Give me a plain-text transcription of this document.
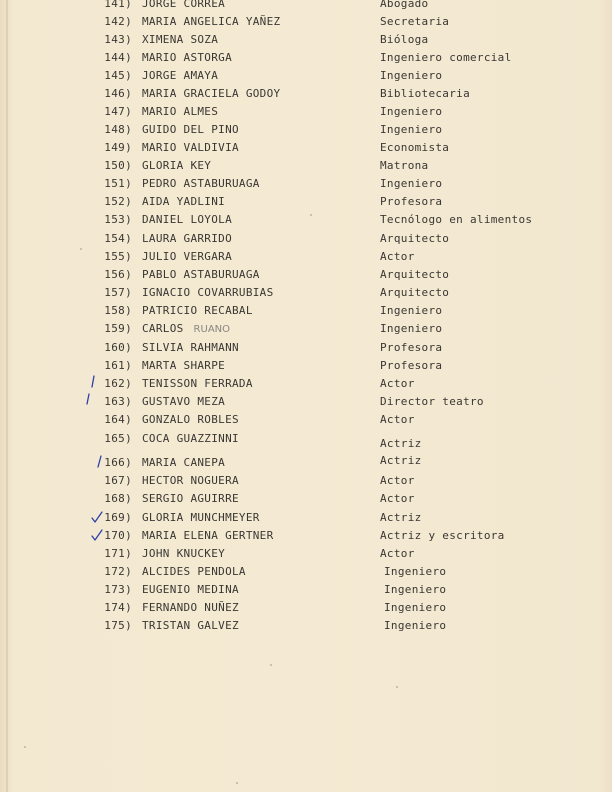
141) JORGE CORREA	Abogado
142) MARIA ANGELICA YAÑEZ	Secretaria
143) XIMENA SOZA	Bióloga
144) MARIO ASTORGA	Ingeniero comercial
145) JORGE AMAYA	Ingeniero
146) MARIA GRACIELA GODOY	Bibliotecaria
147) MARIO ALMES	Ingeniero
148) GUIDO DEL PINO	Ingeniero
149) MARIO VALDIVIA	Economista
150) GLORIA KEY	Matrona
151) PEDRO ASTABURUAGA	Ingeniero
152) AIDA YADLINI	Profesora
153) DANIEL LOYOLA	Tecnólogo en alimentos
154) LAURA GARRIDO	Arquitecto
155) JULIO VERGARA	Actor
156) PABLO ASTABURUAGA	Arquitecto
157) IGNACIO COVARRUBIAS	Arquitecto
158) PATRICIO RECABAL	Ingeniero
159) CARLOS RUANO	Ingeniero
160) SILVIA RAHMANN	Profesora
161) MARTA SHARPE	Profesora
162) TENISSON FERRADA	Actor
163) GUSTAVO MEZA	Director teatro
164) GONZALO ROBLES	Actor
165) COCA GUAZZINNI	Actriz
166) MARIA CANEPA	Actriz
167) HECTOR NOGUERA	Actor
168) SERGIO AGUIRRE	Actor
169) GLORIA MUNCHMEYER	Actriz
170) MARIA ELENA GERTNER	Actriz y escritora
171) JOHN KNUCKEY	Actor
172) ALCIDES PENDOLA	Ingeniero
173) EUGENIO MEDINA	Ingeniero
174) FERNANDO NUÑEZ	Ingeniero
175) TRISTAN GALVEZ	Ingeniero
